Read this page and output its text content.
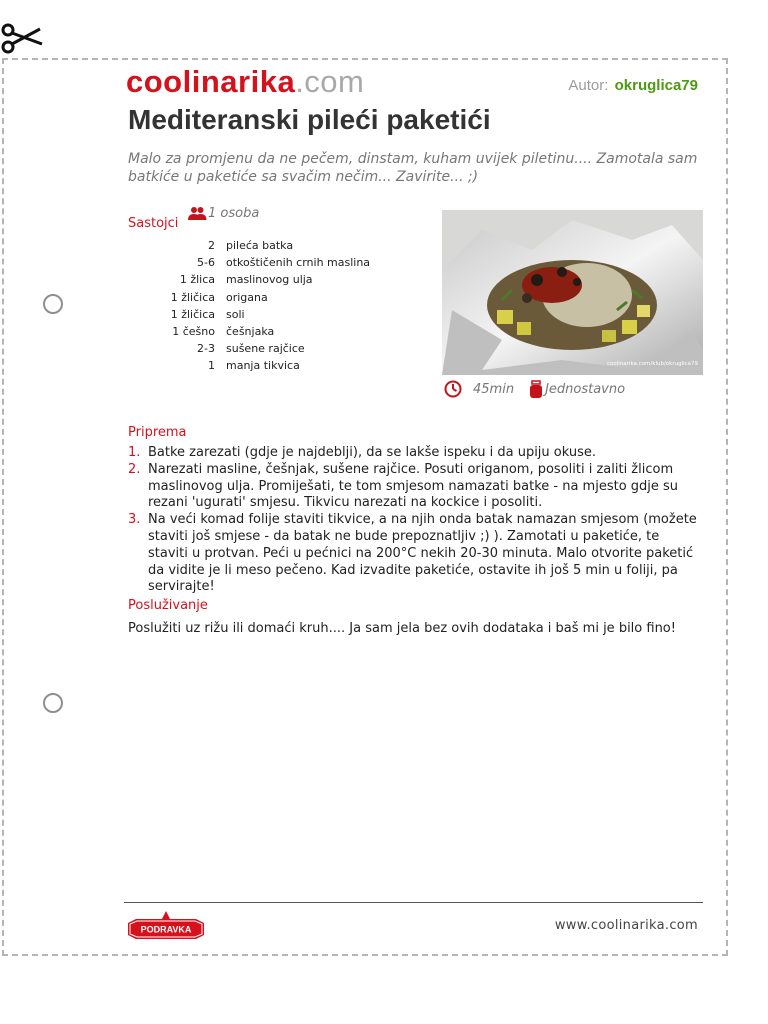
coolinarika.com	Autor: okruglica79
Mediteranski pileći paketići
Malo za promjenu da ne pečem, dinstam, kuham uvijek piletinu.... Zamotala sam batkiće u paketiće sa svačim nečim... Zavirite... ;)
Sastojci
1 osoba
2	pileća batka
5-6	otkoštičenih crnih maslina
1 žlica	maslinovog ulja
1 žličica	origana
1 žličica	soli
1 češno	češnjaka
2-3	sušene rajčice
1	manja tikvica	coolinarika.com/klub/okruglica79
45min Jednostavno
Priprema
1. Batke zarezati (gdje je najdeblji), da se lakše ispeku i da upiju okuse.
2. Narezati masline, češnjak, sušene rajčice. Posuti origanom, posoliti i zaliti žlicom maslinovog ulja. Promiješati, te tom smjesom namazati batke - na mjesto gdje su rezani 'ugurati' smjesu. Tikvicu narezati na kockice i posoliti.
3. Na veći komad folije staviti tikvice, a na njih onda batak namazan smjesom (možete staviti još smjese - da batak ne bude prepoznatljiv ;) ). Zamotati u paketiće, te staviti u protvan. Peći u pećnici na 200°C nekih 20-30 minuta. Malo otvorite paketić da vidite je li meso pečeno. Kad izvadite paketiće, ostavite ih još 5 min u foliji, pa servirajte!
Posluživanje
Poslužiti uz rižu ili domaći kruh.... Ja sam jela bez ovih dodataka i baš mi je bilo fino!
PODRAVKA	www.coolinarika.com
